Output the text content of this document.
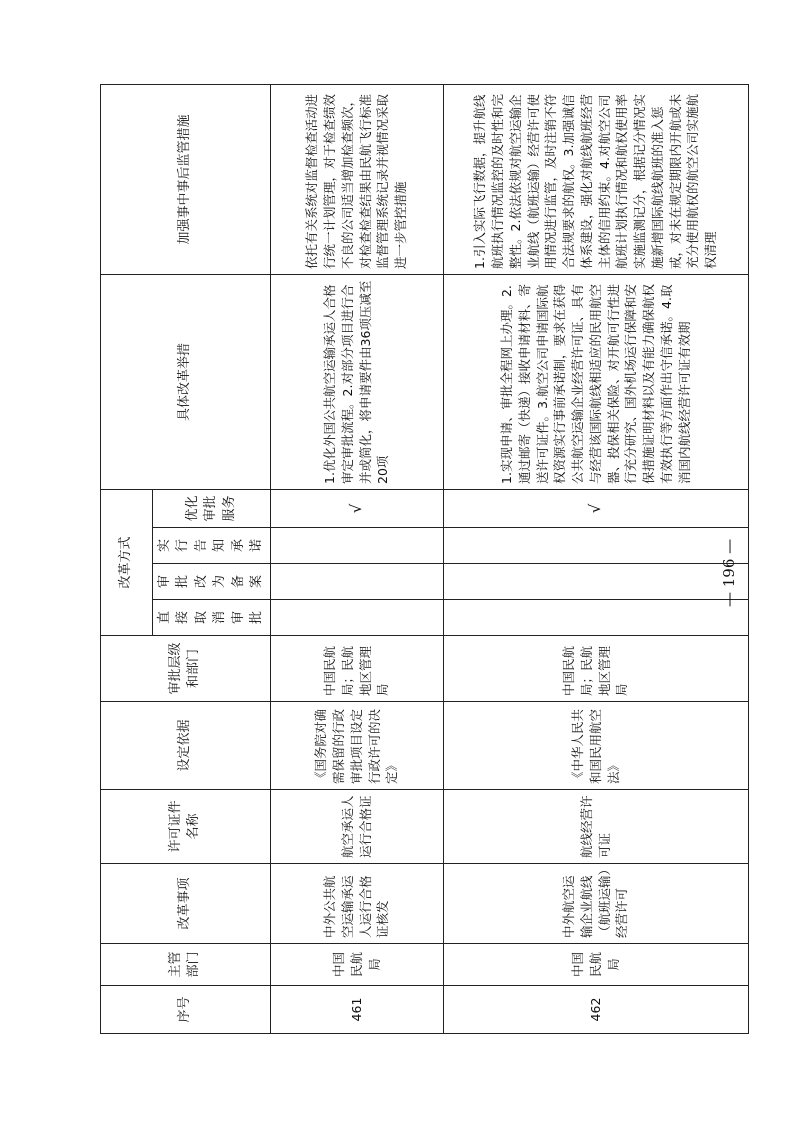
序号	主管部门	改革事项	许可证件名称	设定依据	审批层级和部门	改革方式				具体改革举措	加强事中事后监管措施
						直接取消审批	审批改为备案	实行告知承诺	优化审批服务		
461	中国民航局	中外公共航空运输承运人运行合格证核发	航空承运人运行合格证	《国务院对确需保留的行政审批项目设定行政许可的决定》	中国民航局；民航地区管理局				√	1.优化外国公共航空运输承运人合格审定审批流程。2.对部分项目进行合并或简化，将申请要件由36项压减至20项	依托有关系统对监督检查活动进行统一计划管理，对于检查绩效不良的公司适当增加检查频次，对检查检查结果由民航飞行标准监督管理系统记录并视情况采取进一步管控措施
462	中国民航局	中外航空运输企业航线（航班运输）经营许可	航线经营许可证	《中华人民共和国民用航空法》	中国民航局；民航地区管理局				√	1.实现申请、审批全程网上办理。2.通过邮寄（快递）接收申请材料、寄送许可证件。3.航空公司申请国际航权资源实行事前承诺制，要求在获得公共航空运输企业经营许可证、具有与经营该国际航线相适应的民用航空器、投保相关保险、对开航可行性进行充分研究、国外机场运行保障和安保措施证明材料以及有能力确保航权有效执行等方面作出守信承诺。4.取消国内航线经营许可证有效期	1.引入实际飞行数据，提升航线航班执行情况监控的及时性和完整性。2.依法依规对航空运输企业航线（航班运输）经营许可使用情况进行监管，及时注销不符合法规要求的航权。3.加强诚信体系建设，强化对航线航班经营主体的信用约束。4.对航空公司航班计划执行情况和航权使用率实施监测记分，根据记分情况实施新增国际航线航班的准入惩戒，对未在规定期限内开航或未充分使用航权的航空公司实施航权清理
— 196 —
